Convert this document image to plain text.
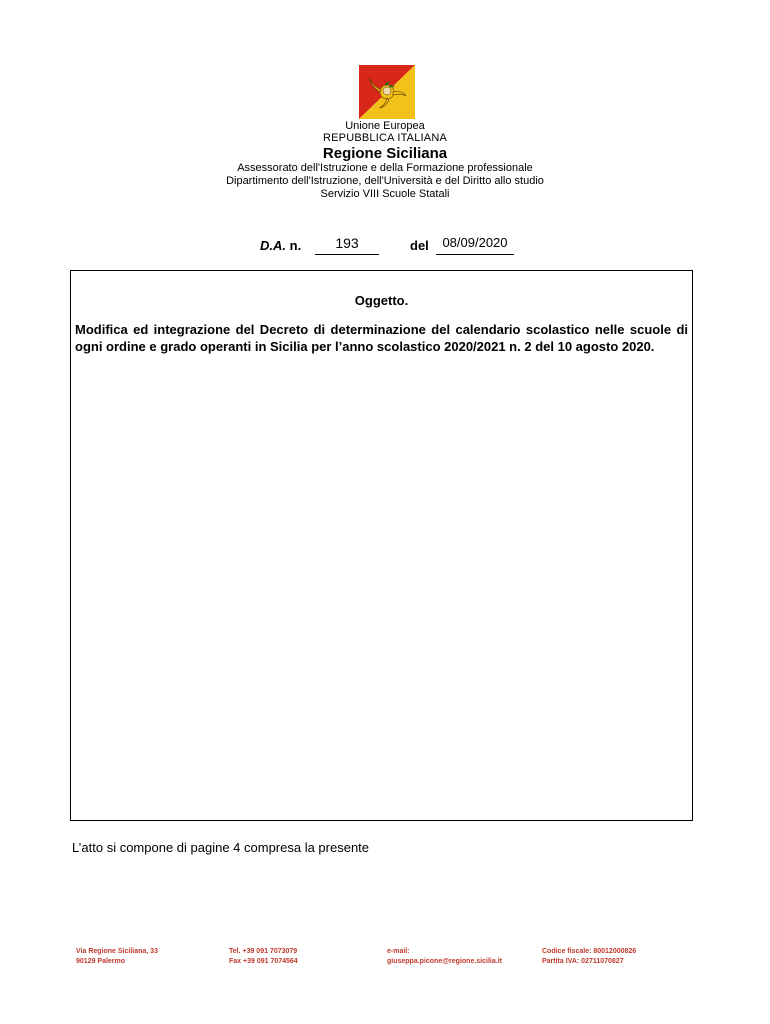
Unione Europea
REPUBBLICA ITALIANA
Regione Siciliana
Assessorato dell'Istruzione e della Formazione professionale
Dipartimento dell'Istruzione, dell'Università e del Diritto allo studio
Servizio VIII Scuole Statali
D.A. n.	193	del	08/09/2020
Oggetto.
Modifica ed integrazione del Decreto di determinazione del calendario scolastico nelle scuole di ogni ordine e grado operanti in Sicilia per l’anno scolastico 2020/2021 n. 2 del 10 agosto 2020.
L’atto si compone di pagine 4 compresa la presente
Via Regione Siciliana, 33
90129 Palermo
Tel. +39 091 7073079
Fax +39 091 7074564
e-mail:
giuseppa.picone@regione.sicilia.it
Codice fiscale: 80012000826
Partita IVA: 02711070827
